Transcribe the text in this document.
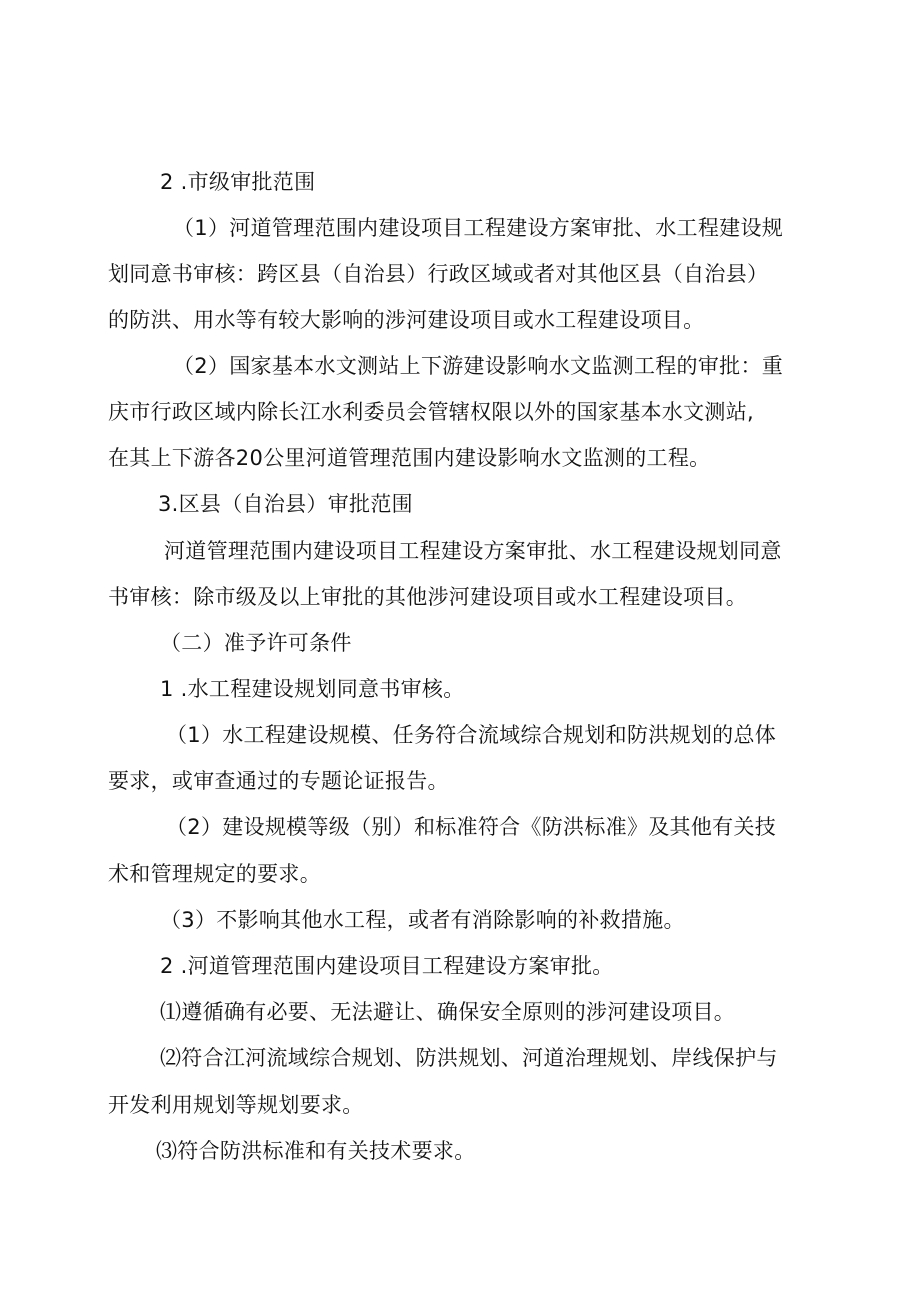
2 .市级审批范围
（1）河道管理范围内建设项目工程建设方案审批、水工程建设规
划同意书审核：跨区县（自治县）行政区域或者对其他区县（自治县）
的防洪、用水等有较大影响的涉河建设项目或水工程建设项目。
（2）国家基本水文测站上下游建设影响水文监测工程的审批：重
庆市行政区域内除长江水利委员会管辖权限以外的国家基本水文测站,
在其上下游各20公里河道管理范围内建设影响水文监测的工程。
3.区县（自治县）审批范围
河道管理范围内建设项目工程建设方案审批、水工程建设规划同意
书审核：除市级及以上审批的其他涉河建设项目或水工程建设项目。
（二）准予许可条件
1 .水工程建设规划同意书审核。
（1）水工程建设规模、任务符合流域综合规划和防洪规划的总体
要求，或审查通过的专题论证报告。
（2）建设规模等级（别）和标准符合《防洪标准》及其他有关技
术和管理规定的要求。
（3）不影响其他水工程，或者有消除影响的补救措施。
2 .河道管理范围内建设项目工程建设方案审批。
⑴遵循确有必要、无法避让、确保安全原则的涉河建设项目。
⑵符合江河流域综合规划、防洪规划、河道治理规划、岸线保护与
开发利用规划等规划要求。
⑶符合防洪标准和有关技术要求。
